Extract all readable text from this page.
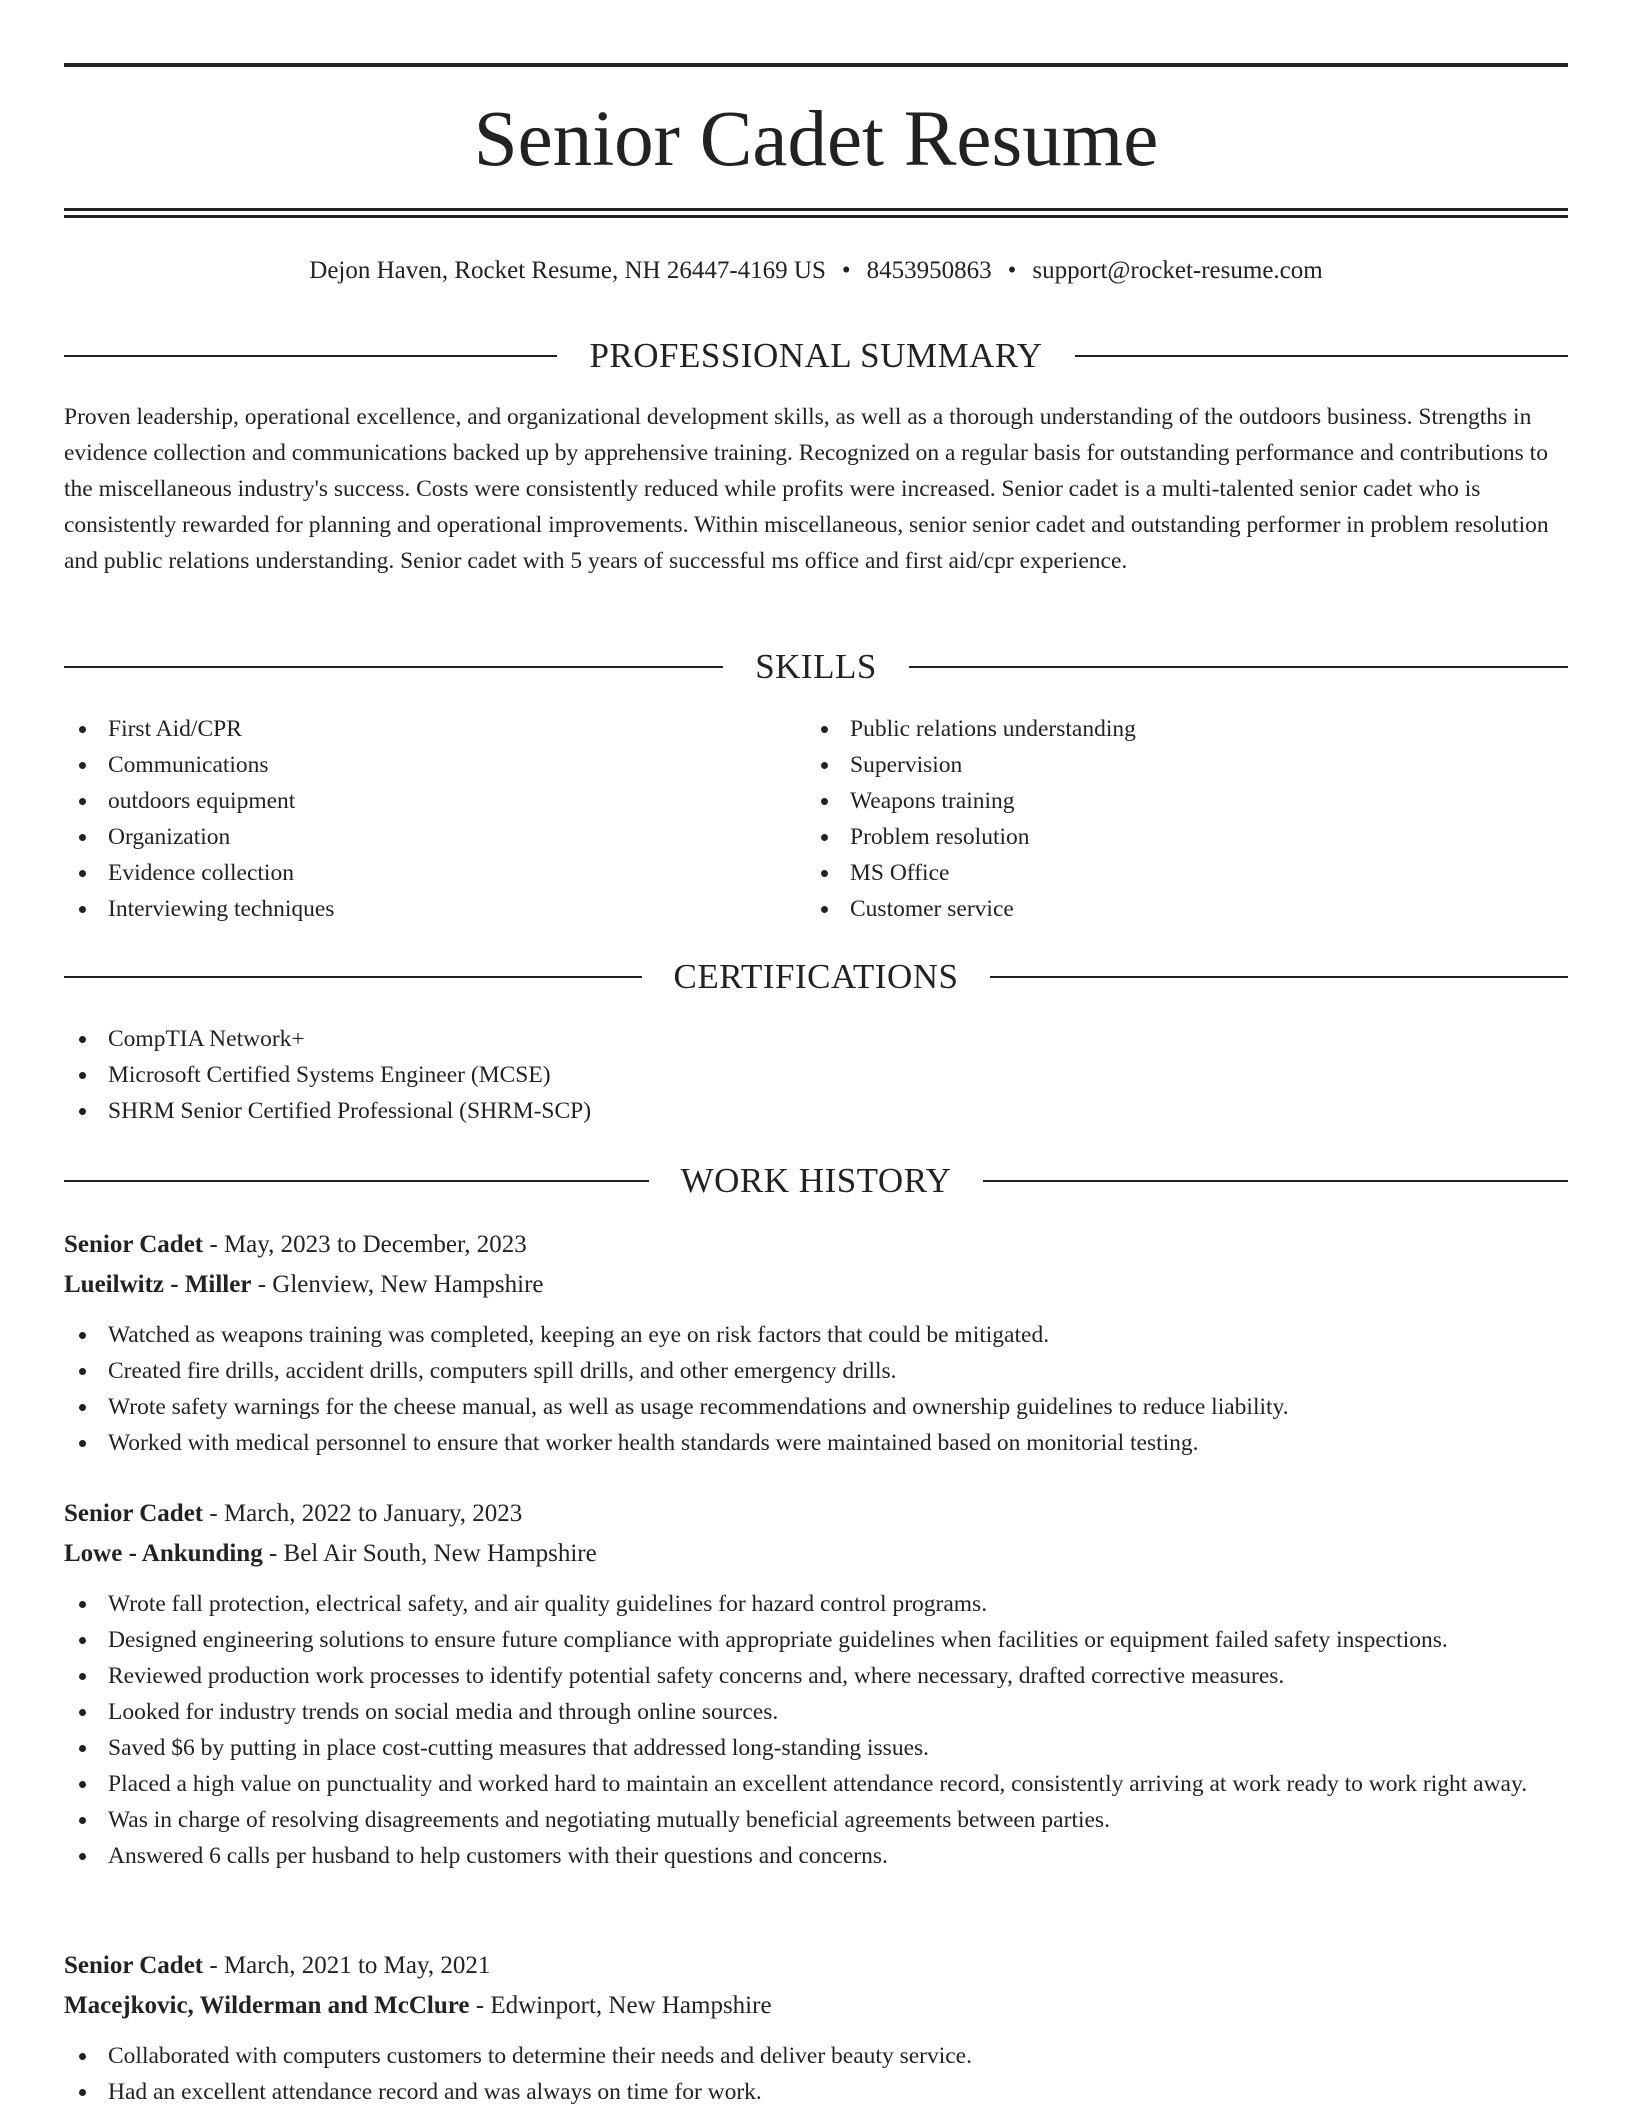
Senior Cadet Resume
Dejon Haven, Rocket Resume, NH 26447-4169 US • 8453950863 • support@rocket-resume.com
PROFESSIONAL SUMMARY

Proven leadership, operational excellence, and organizational development skills, as well as a thorough understanding of the outdoors business. Strengths in evidence collection and communications backed up by apprehensive training. Recognized on a regular basis for outstanding performance and contributions to the miscellaneous industry's success. Costs were consistently reduced while profits were increased. Senior cadet is a multi-talented senior cadet who is consistently rewarded for planning and operational improvements. Within miscellaneous, senior senior cadet and outstanding performer in problem resolution and public relations understanding. Senior cadet with 5 years of successful ms office and first aid/cpr experience.

SKILLS
First Aid/CPR
Communications
outdoors equipment
Organization
Evidence collection
Interviewing techniques
Public relations understanding
Supervision
Weapons training
Problem resolution
MS Office
Customer service
CERTIFICATIONS
CompTIA Network+
Microsoft Certified Systems Engineer (MCSE)
SHRM Senior Certified Professional (SHRM-SCP)
WORK HISTORY
Senior Cadet - May, 2023 to December, 2023
Lueilwitz - Miller - Glenview, New Hampshire
Watched as weapons training was completed, keeping an eye on risk factors that could be mitigated.
Created fire drills, accident drills, computers spill drills, and other emergency drills.
Wrote safety warnings for the cheese manual, as well as usage recommendations and ownership guidelines to reduce liability.
Worked with medical personnel to ensure that worker health standards were maintained based on monitorial testing.
Senior Cadet - March, 2022 to January, 2023
Lowe - Ankunding - Bel Air South, New Hampshire
Wrote fall protection, electrical safety, and air quality guidelines for hazard control programs.
Designed engineering solutions to ensure future compliance with appropriate guidelines when facilities or equipment failed safety inspections.
Reviewed production work processes to identify potential safety concerns and, where necessary, drafted corrective measures.
Looked for industry trends on social media and through online sources.
Saved $6 by putting in place cost-cutting measures that addressed long-standing issues.
Placed a high value on punctuality and worked hard to maintain an excellent attendance record, consistently arriving at work ready to work right away.
Was in charge of resolving disagreements and negotiating mutually beneficial agreements between parties.
Answered 6 calls per husband to help customers with their questions and concerns.
Senior Cadet - March, 2021 to May, 2021
Macejkovic, Wilderman and McClure - Edwinport, New Hampshire
Collaborated with computers customers to determine their needs and deliver beauty service.
Had an excellent attendance record and was always on time for work.
